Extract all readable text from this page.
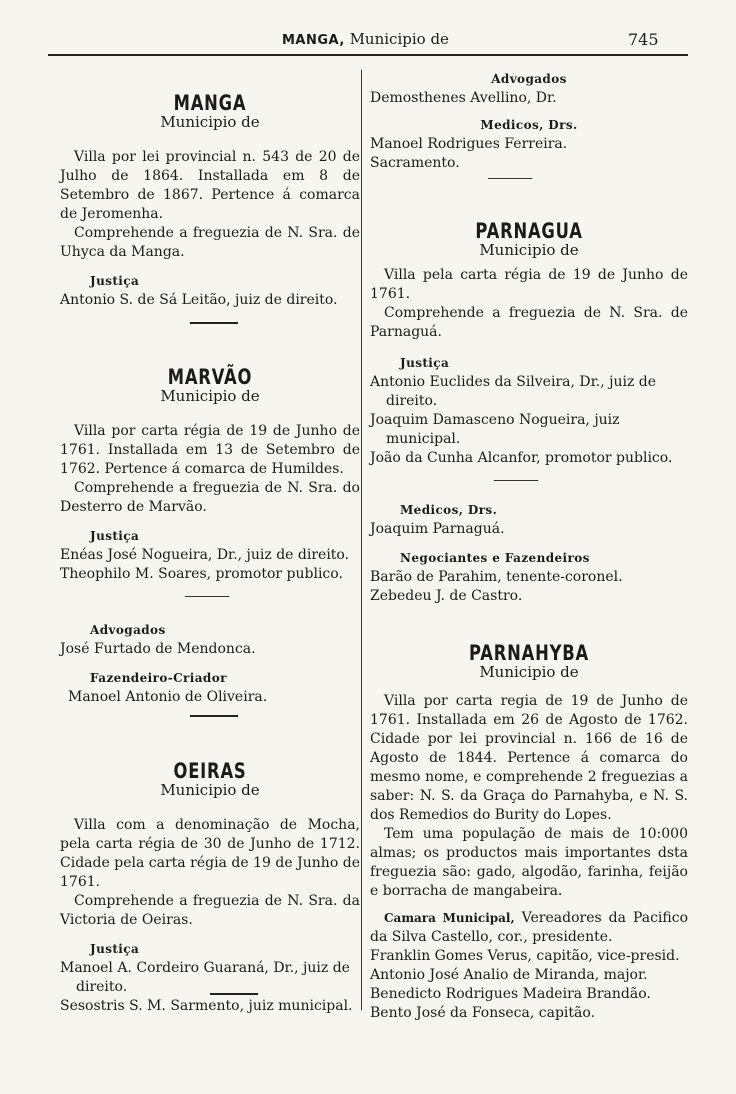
MANGA, Municipio de	745
MANGA
Municipio de

Villa por lei provincial n. 543 de 20 de Julho de 1864. Installada em 8 de Setembro de 1867. Pertence á comarca de Jeromenha.

Comprehende a freguezia de N. Sra. de Uhyca da Manga.

Justiça

Antonio S. de Sá Leitão, juiz de direito.

MARVÃO
Municipio de

Villa por carta régia de 19 de Junho de 1761. Installada em 13 de Setembro de 1762. Pertence á comarca de Humildes.

Comprehende a freguezia de N. Sra. do Desterro de Marvão.

Justiça

Enéas José Nogueira, Dr., juiz de direito.

Theophilo M. Soares, promotor publico.

Advogados

José Furtado de Mendonca.

Fazendeiro-Criador

Manoel Antonio de Oliveira.

OEIRAS
Municipio de

Villa com a denominação de Mocha, pela carta régia de 30 de Junho de 1712. Cidade pela carta régia de 19 de Junho de 1761.

Comprehende a freguezia de N. Sra. da Victoria de Oeiras.

Justiça

Manoel A. Cordeiro Guaraná, Dr., juiz de direito.

Sesostris S. M. Sarmento, juiz municipal.

Advogados

Demosthenes Avellino, Dr.

Medicos, Drs.

Manoel Rodrigues Ferreira.

Sacramento.

PARNAGUA
Municipio de

Villa pela carta régia de 19 de Junho de 1761.

Comprehende a freguezia de N. Sra. de Parnaguá.

Justiça

Antonio Euclides da Silveira, Dr., juiz de direito.

Joaquim Damasceno Nogueira, juiz municipal.

João da Cunha Alcanfor, promotor publico.

Medicos, Drs.

Joaquim Parnaguá.

Negociantes e Fazendeiros

Barão de Parahim, tenente-coronel.

Zebedeu J. de Castro.

PARNAHYBA
Municipio de

Villa por carta regia de 19 de Junho de 1761. Installada em 26 de Agosto de 1762. Cidade por lei provincial n. 166 de 16 de Agosto de 1844. Pertence á comarca do mesmo nome, e comprehende 2 freguezias a saber: N. S. da Graça do Parnahyba, e N. S. dos Remedios do Burity do Lopes.

Tem uma população de mais de 10:000 almas; os productos mais importantes dsta freguezia são: gado, algodão, farinha, feijão e borracha de mangabeira.

Camara Municipal, Vereadores da Pacifico da Silva Castello, cor., presidente.

Franklin Gomes Verus, capitão, vice-presid.

Antonio José Analio de Miranda, major.

Benedicto Rodrigues Madeira Brandão.

Bento José da Fonseca, capitão.
